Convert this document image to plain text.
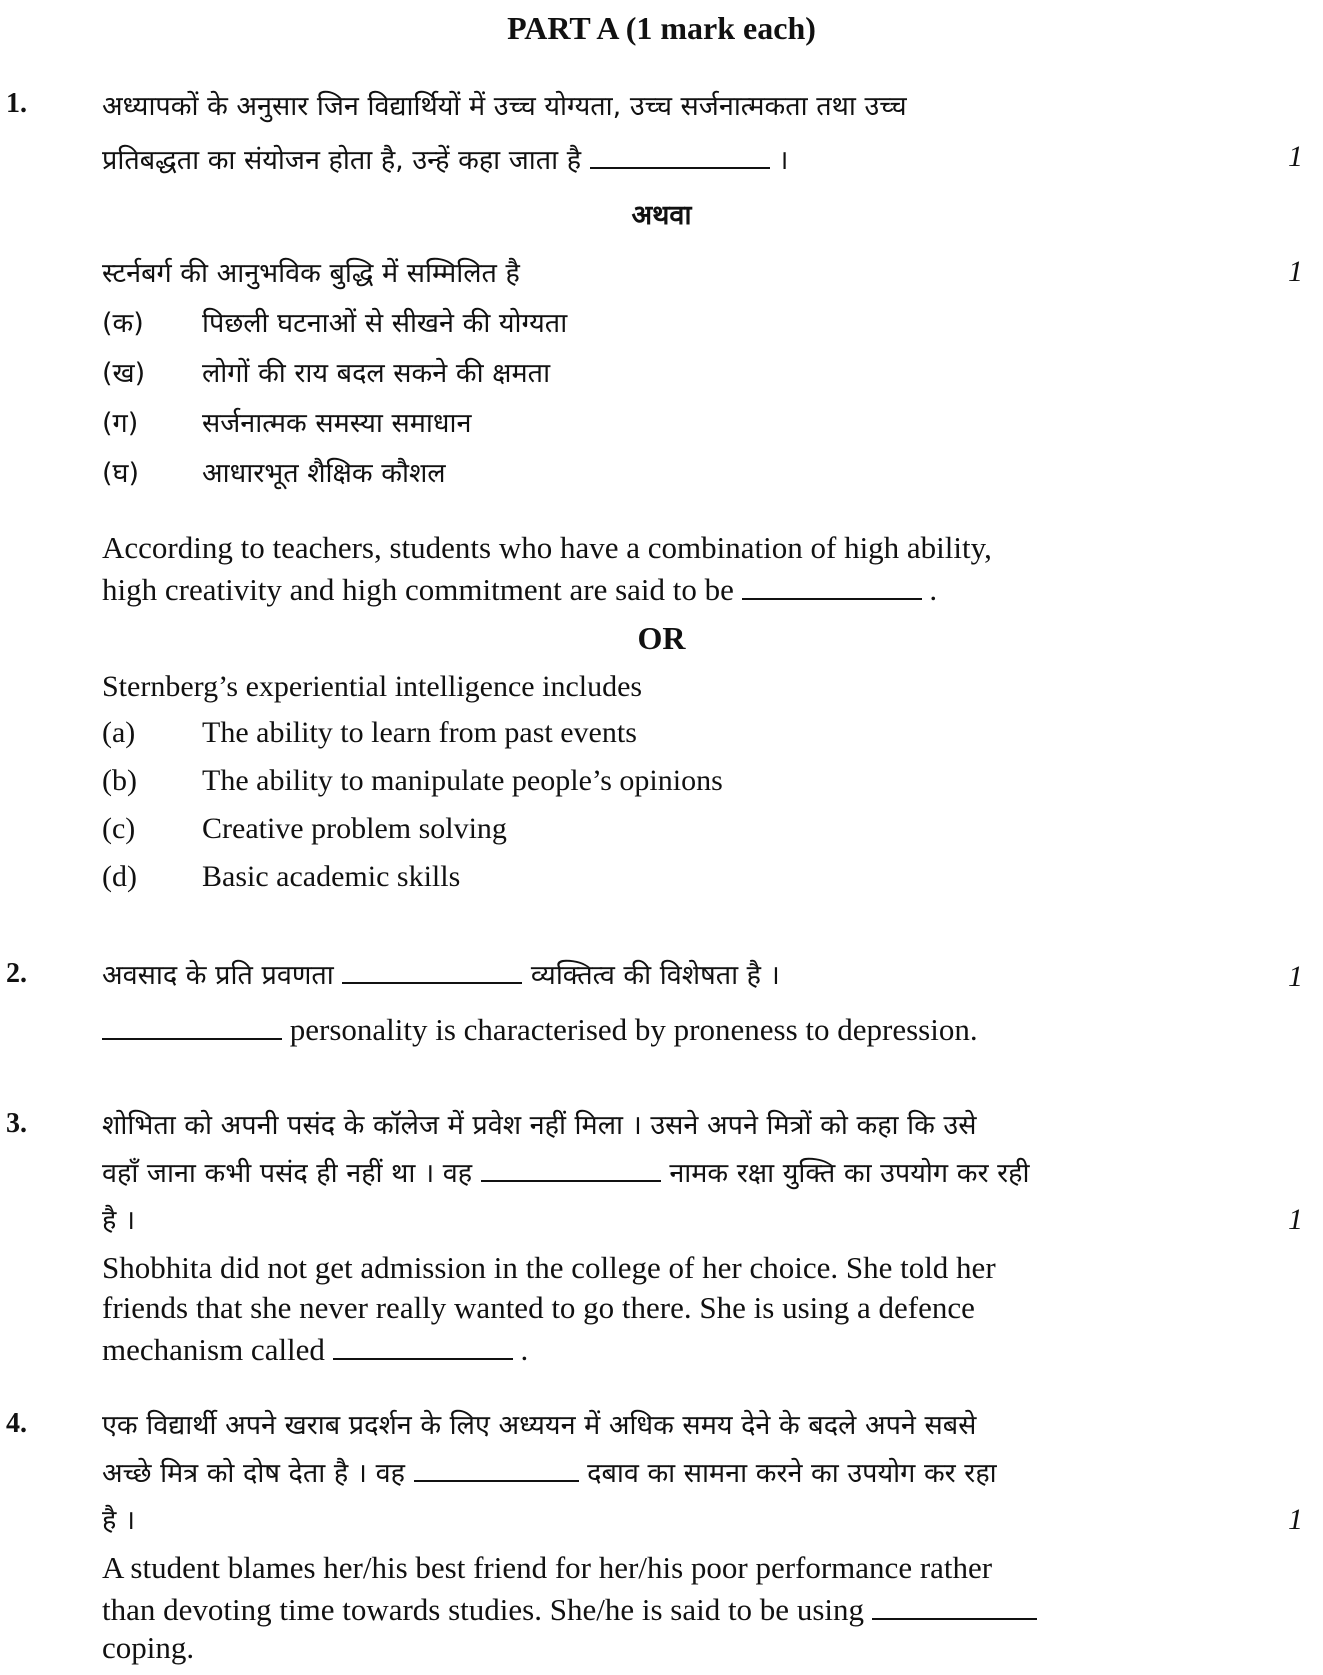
PART A (1 mark each)
1.	अध्यापकों के अनुसार जिन विद्यार्थियों में उच्च योग्यता, उच्च सर्जनात्मकता तथा उच्च
प्रतिबद्धता का संयोजन होता है, उन्हें कहा जाता है	।	1
अथवा
स्टर्नबर्ग की आनुभविक बुद्धि में सम्मिलित है	1
(क) पिछली घटनाओं से सीखने की योग्यता
(ख) लोगों की राय बदल सकने की क्षमता
(ग) सर्जनात्मक समस्या समाधान
(घ) आधारभूत शैक्षिक कौशल
According to teachers, students who have a combination of high ability,
high creativity and high commitment are said to be	.
OR
Sternberg’s experiential intelligence includes
(a) The ability to learn from past events
(b) The ability to manipulate people’s opinions
(c) Creative problem solving
(d) Basic academic skills
2.	अवसाद के प्रति प्रवणता	व्यक्तित्व की विशेषता है ।	1
personality is characterised by proneness to depression.
3.	शोभिता को अपनी पसंद के कॉलेज में प्रवेश नहीं मिला । उसने अपने मित्रों को कहा कि उसे
वहाँ जाना कभी पसंद ही नहीं था । वह	नामक रक्षा युक्ति का उपयोग कर रही
है ।	1
Shobhita did not get admission in the college of her choice. She told her
friends that she never really wanted to go there. She is using a defence
mechanism called	.
4.	एक विद्यार्थी अपने खराब प्रदर्शन के लिए अध्ययन में अधिक समय देने के बदले अपने सबसे
अच्छे मित्र को दोष देता है । वह	दबाव का सामना करने का उपयोग कर रहा
है ।	1
A student blames her/his best friend for her/his poor performance rather
than devoting time towards studies. She/he is said to be using
coping.
